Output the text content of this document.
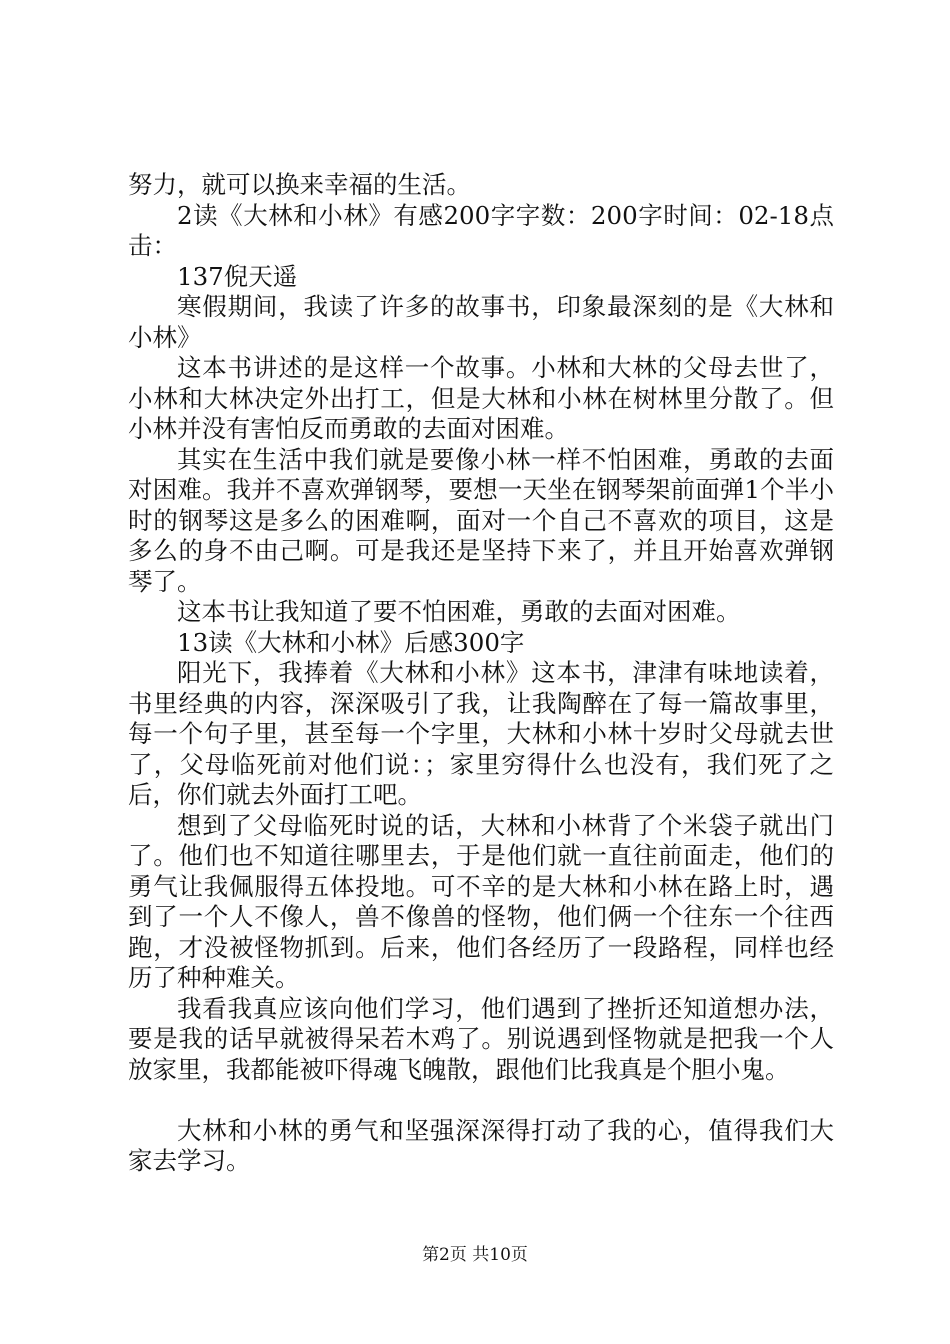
努力，就可以换来幸福的生活。

2读《大林和小林》有感200字字数：200字时间：02-18点击：

137倪天遥

寒假期间，我读了许多的故事书，印象最深刻的是《大林和小林》

这本书讲述的是这样一个故事。小林和大林的父母去世了，小林和大林决定外出打工，但是大林和小林在树林里分散了。但小林并没有害怕反而勇敢的去面对困难。

其实在生活中我们就是要像小林一样不怕困难，勇敢的去面对困难。我并不喜欢弹钢琴，要想一天坐在钢琴架前面弹1个半小时的钢琴这是多么的困难啊，面对一个自己不喜欢的项目，这是多么的身不由己啊。可是我还是坚持下来了，并且开始喜欢弹钢琴了。

这本书让我知道了要不怕困难，勇敢的去面对困难。

13读《大林和小林》后感300字

阳光下，我捧着《大林和小林》这本书，津津有味地读着，书里经典的内容，深深吸引了我，让我陶醉在了每一篇故事里，每一个句子里，甚至每一个字里，大林和小林十岁时父母就去世了，父母临死前对他们说：；家里穷得什么也没有，我们死了之后，你们就去外面打工吧。

想到了父母临死时说的话，大林和小林背了个米袋子就出门了。他们也不知道往哪里去，于是他们就一直往前面走，他们的勇气让我佩服得五体投地。可不辛的是大林和小林在路上时，遇到了一个人不像人，兽不像兽的怪物，他们俩一个往东一个往西跑，才没被怪物抓到。后来，他们各经历了一段路程，同样也经历了种种难关。

我看我真应该向他们学习，他们遇到了挫折还知道想办法，要是我的话早就被得呆若木鸡了。别说遇到怪物就是把我一个人放家里，我都能被吓得魂飞魄散，跟他们比我真是个胆小鬼。

大林和小林的勇气和坚强深深得打动了我的心，值得我们大家去学习。

第2页 共10页
